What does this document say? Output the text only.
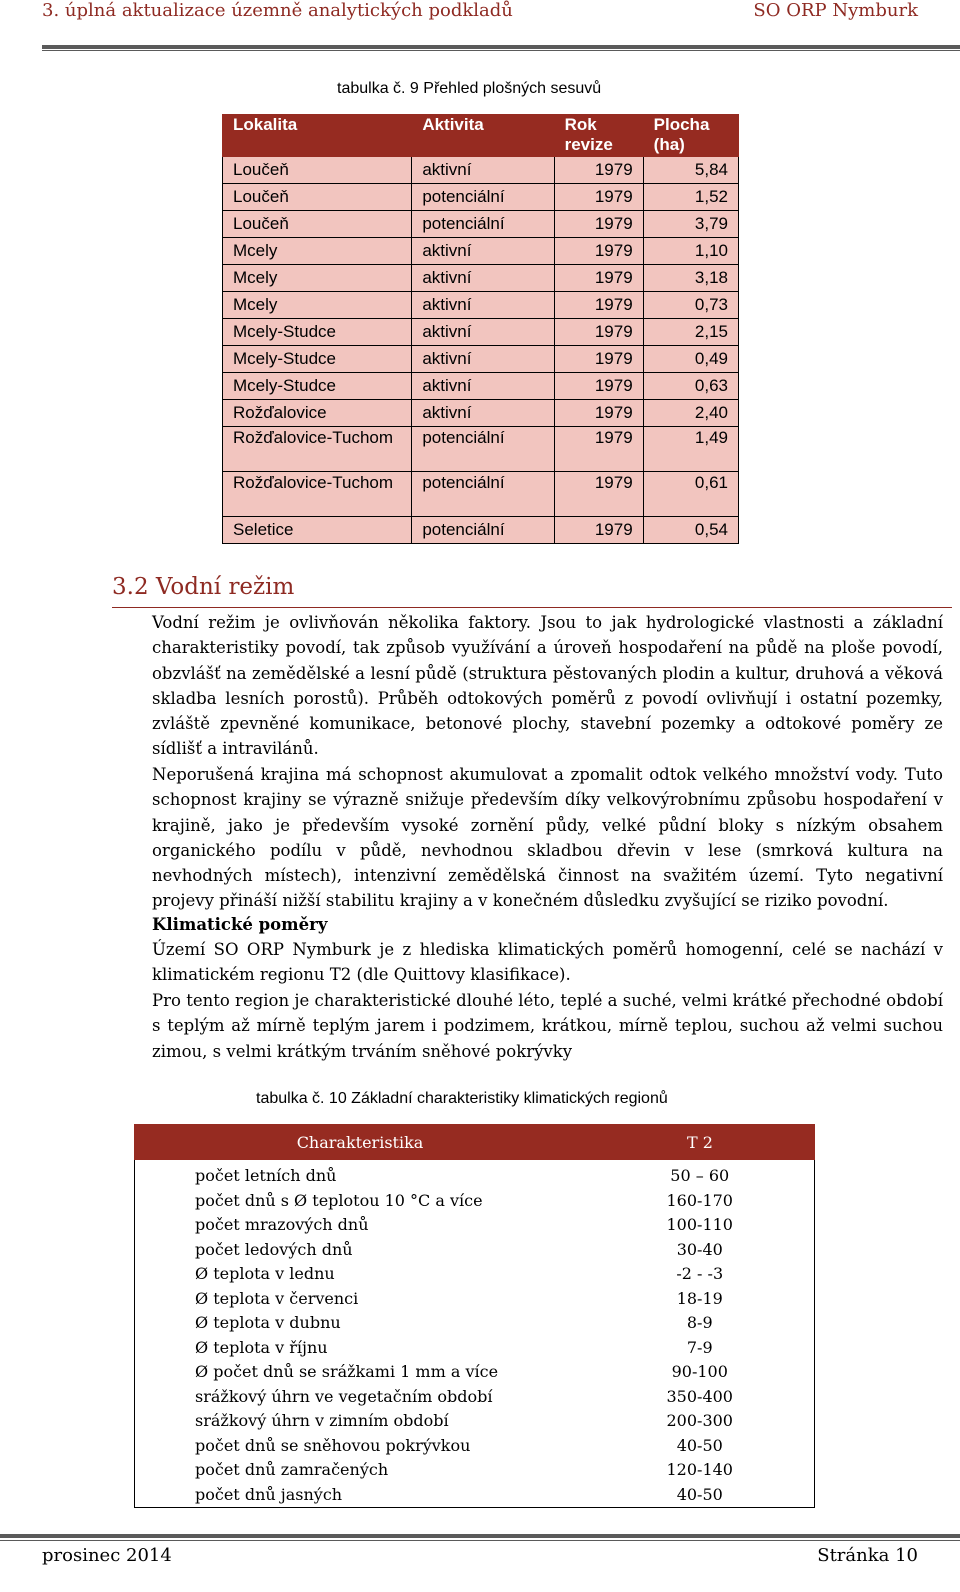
3. úplná aktualizace územně analytických podkladů	SO ORP Nymburk
tabulka č. 9 Přehled plošných sesuvů
Lokalita	Aktivita	Rok revize	Plocha (ha)
Loučeň	aktivní	1979	5,84
Loučeň	potenciální	1979	1,52
Loučeň	potenciální	1979	3,79
Mcely	aktivní	1979	1,10
Mcely	aktivní	1979	3,18
Mcely	aktivní	1979	0,73
Mcely-Studce	aktivní	1979	2,15
Mcely-Studce	aktivní	1979	0,49
Mcely-Studce	aktivní	1979	0,63
Rožďalovice	aktivní	1979	2,40
Rožďalovice-Tuchom	potenciální	1979	1,49
Rožďalovice-Tuchom	potenciální	1979	0,61
Seletice	potenciální	1979	0,54
3.2 Vodní režim

Vodní režim je ovlivňován několika faktory. Jsou to jak hydrologické vlastnosti a základní charakteristiky povodí, tak způsob využívání a úroveň hospodaření na půdě na ploše povodí, obzvlášť na zemědělské a lesní půdě (struktura pěstovaných plodin a kultur, druhová a věková skladba lesních porostů). Průběh odtokových poměrů z povodí ovlivňují i ostatní pozemky, zvláště zpevněné komunikace, betonové plochy, stavební pozemky a odtokové poměry ze sídlišť a intravilánů.

Neporušená krajina má schopnost akumulovat a zpomalit odtok velkého množství vody. Tuto schopnost krajiny se výrazně snižuje především díky velkovýrobnímu způsobu hospodaření v krajině, jako je především vysoké zornění půdy, velké půdní bloky s nízkým obsahem organického podílu v půdě, nevhodnou skladbou dřevin v lese (smrková kultura na nevhodných místech), intenzivní zemědělská činnost na svažitém území. Tyto negativní projevy přináší nižší stabilitu krajiny a v konečném důsledku zvyšující se riziko povodní.

Klimatické poměry

Území SO ORP Nymburk je z hlediska klimatických poměrů homogenní, celé se nachází v klimatickém regionu T2 (dle Quittovy klasifikace).

Pro tento region je charakteristické dlouhé léto, teplé a suché, velmi krátké přechodné období s teplým až mírně teplým jarem i podzimem, krátkou, mírně teplou, suchou až velmi suchou zimou, s velmi krátkým trváním sněhové pokrývky

tabulka č. 10 Základní charakteristiky klimatických regionů
Charakteristika	T 2
počet letních dnů	50 – 60
počet dnů s Ø teplotou 10 °C a více	160-170
počet mrazových dnů	100-110
počet ledových dnů	30-40
Ø teplota v lednu	-2 - -3
Ø teplota v červenci	18-19
Ø teplota v dubnu	8-9
Ø teplota v říjnu	7-9
Ø počet dnů se srážkami 1 mm a více	90-100
srážkový úhrn ve vegetačním období	350-400
srážkový úhrn v zimním období	200-300
počet dnů se sněhovou pokrývkou	40-50
počet dnů zamračených	120-140
počet dnů jasných	40-50
prosinec 2014	Stránka 10
